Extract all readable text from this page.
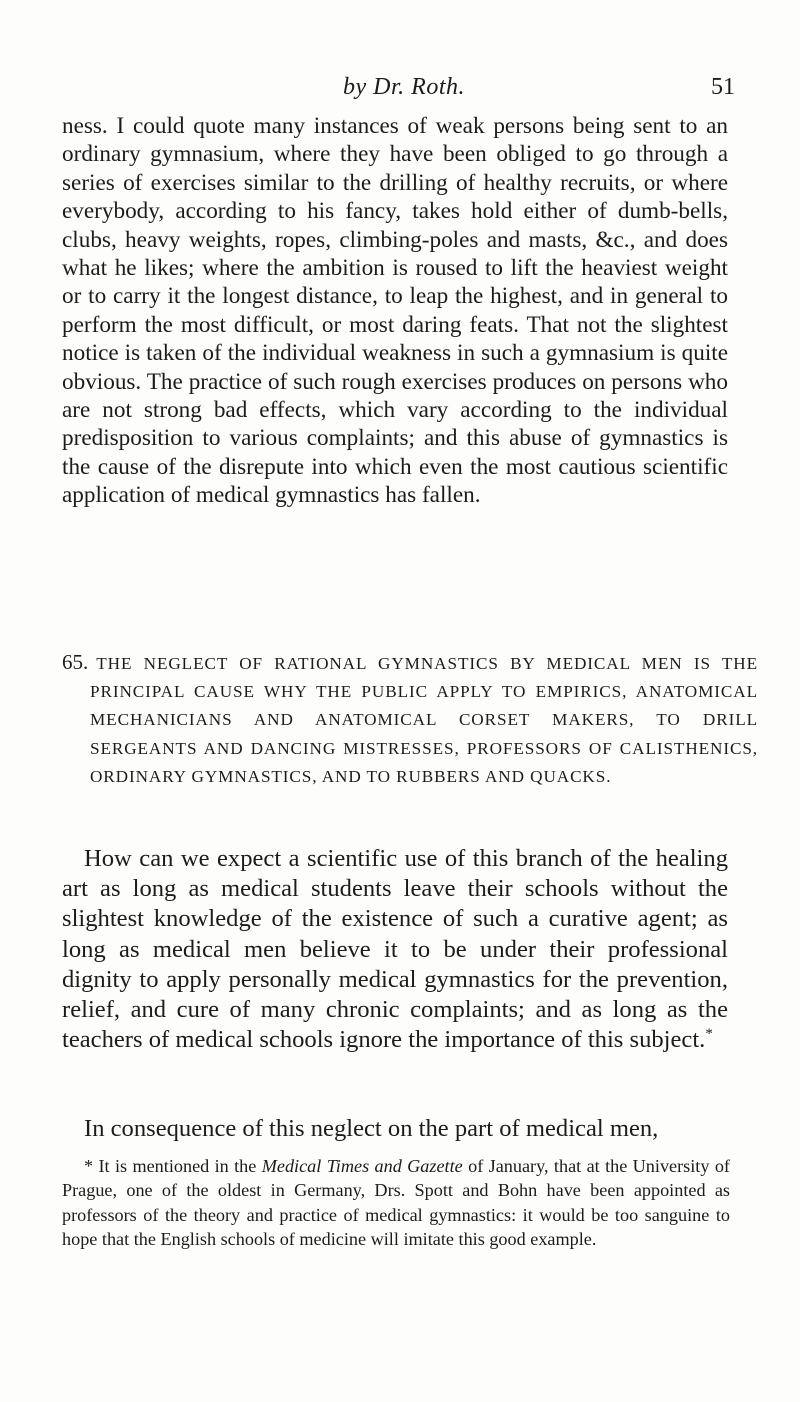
by Dr. Roth.	51

ness. I could quote many instances of weak persons being sent to an ordinary gymnasium, where they have been obliged to go through a series of exercises similar to the drilling of healthy recruits, or where everybody, according to his fancy, takes hold either of dumb-bells, clubs, heavy weights, ropes, climbing-poles and masts, &c., and does what he likes; where the ambition is roused to lift the heaviest weight or to carry it the longest distance, to leap the highest, and in general to perform the most difficult, or most daring feats. That not the slightest notice is taken of the individual weakness in such a gymnasium is quite obvious. The practice of such rough exercises produces on persons who are not strong bad effects, which vary according to the individual predisposition to various complaints; and this abuse of gymnastics is the cause of the disrepute into which even the most cautious scientific application of medical gymnastics has fallen.

65. THE NEGLECT OF RATIONAL GYMNASTICS BY MEDICAL MEN IS THE PRINCIPAL CAUSE WHY THE PUBLIC APPLY TO EMPIRICS, ANATOMICAL MECHANICIANS AND ANATOMICAL CORSET MAKERS, TO DRILL SERGEANTS AND DANCING MISTRESSES, PROFESSORS OF CALISTHENICS, ORDINARY GYMNASTICS, AND TO RUBBERS AND QUACKS.

How can we expect a scientific use of this branch of the healing art as long as medical students leave their schools without the slightest knowledge of the existence of such a curative agent; as long as medical men believe it to be under their professional dignity to apply personally medical gymnastics for the prevention, relief, and cure of many chronic complaints; and as long as the teachers of medical schools ignore the importance of this subject.*

In consequence of this neglect on the part of medical men,

* It is mentioned in the Medical Times and Gazette of January, that at the University of Prague, one of the oldest in Germany, Drs. Spott and Bohn have been appointed as professors of the theory and practice of medical gymnastics: it would be too sanguine to hope that the English schools of medicine will imitate this good example.
